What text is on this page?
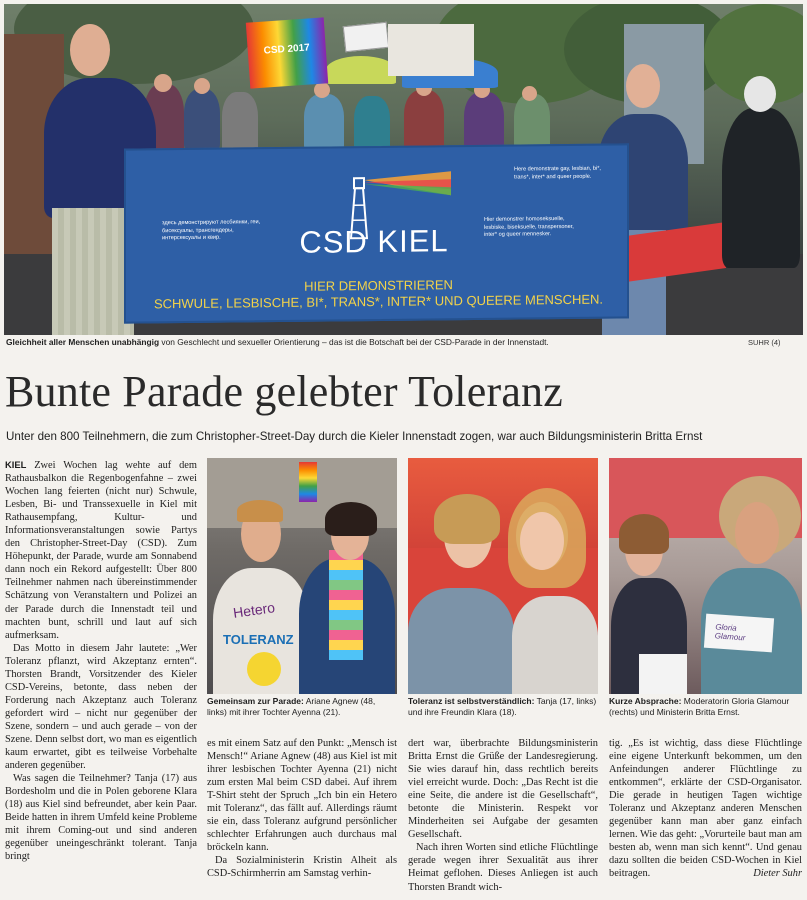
CSD 2017
CSD KIEL
HIER DEMONSTRIEREN
SCHWULE, LESBISCHE, BI*, TRANS*, INTER* UND QUEERE MENSCHEN.
здесь демонстрируют лесбиянки, геи, бисексуалы, трансгендеры, интерсексуалы и квир.
Here demonstrate gay, lesbian, bi*, trans*, inter* and queer people.
Hier demonstrer homoseksuelle, lesbiske, biseksuelle, transpersoner, inter* og queer mennesker.
Gleichheit aller Menschen unabhängig von Geschlecht und sexueller Orientierung – das ist die Botschaft bei der CSD-Parade in der Innenstadt.	SUHR (4)
Bunte Parade gelebter Toleranz
Unter den 800 Teilnehmern, die zum Christopher-Street-Day durch die Kieler Innenstadt zogen, war auch Bildungsministerin Britta Ernst

KIEL Zwei Wochen lag wehte auf dem Rathausbalkon die Regenbogenfahne – zwei Wochen lang feierten (nicht nur) Schwule, Lesben, Bi- und Transsexuelle in Kiel mit Rathausempfang, Kultur- und Informationsveranstaltungen sowie Partys den Christopher-Street-Day (CSD). Zum Höhepunkt, der Parade, wurde am Sonnabend dann noch ein Rekord aufgestellt: Über 800 Teilnehmer nahmen nach übereinstimmender Schätzung von Veranstaltern und Polizei an der Parade durch die Innenstadt teil und machten bunt, schrill und laut auf sich aufmerksam.

Das Motto in diesem Jahr lautete: „Wer Toleranz pflanzt, wird Akzeptanz ernten“. Thorsten Brandt, Vorsitzender des Kieler CSD-Vereins, betonte, dass neben der Forderung nach Akzeptanz auch Toleranz gefordert wird – nicht nur gegenüber der Szene, sondern – und auch gerade – von der Szene. Denn selbst dort, wo man es eigentlich kaum erwartet, gibt es teilweise Vorbehalte anderen gegenüber.

Was sagen die Teilnehmer? Tanja (17) aus Bordesholm und die in Polen geborene Klara (18) aus Kiel sind befreundet, aber kein Paar. Beide hatten in ihrem Umfeld keine Probleme mit ihrem Coming-out und sind anderen gegenüber uneingeschränkt tolerant. Tanja bringt

Hetero
TOLERANZ
Gemeinsam zur Parade: Ariane Agnew (48, links) mit ihrer Tochter Ayenna (21).
Toleranz ist selbstverständlich: Tanja (17, links) und ihre Freundin Klara (18).
Gloria Glamour
Kurze Absprache: Moderatorin Gloria Glamour (rechts) und Ministerin Britta Ernst.

es mit einem Satz auf den Punkt: „Mensch ist Mensch!“ Ariane Agnew (48) aus Kiel ist mit ihrer lesbischen Tochter Ayenna (21) nicht zum ersten Mal beim CSD dabei. Auf ihrem T-Shirt steht der Spruch „Ich bin ein Hetero mit Toleranz“, das fällt auf. Allerdings räumt sie ein, dass Toleranz aufgrund persönlicher schlechter Erfahrungen auch durchaus mal bröckeln kann.

Da Sozialministerin Kristin Alheit als CSD-Schirmherrin am Samstag verhin-

dert war, überbrachte Bildungsministerin Britta Ernst die Grüße der Landesregierung. Sie wies darauf hin, dass rechtlich bereits viel erreicht wurde. Doch: „Das Recht ist die eine Seite, die andere ist die Gesellschaft“, betonte die Ministerin. Respekt vor Minderheiten sei Aufgabe der gesamten Gesellschaft.

Nach ihren Worten sind etliche Flüchtlinge gerade wegen ihrer Sexualität aus ihrer Heimat geflohen. Dieses Anliegen ist auch Thorsten Brandt wich-

tig. „Es ist wichtig, dass diese Flüchtlinge eine eigene Unterkunft bekommen, um den Anfeindungen anderer Flüchtlinge zu entkommen“, erklärte der CSD-Organisator. Die gerade in heutigen Tagen wichtige Toleranz und Akzeptanz anderen Menschen gegenüber kann man aber ganz einfach lernen. Wie das geht: „Vorurteile baut man am besten ab, wenn man sich kennt“. Und genau dazu sollten die beiden CSD-Wochen in Kiel beitragen.	Dieter Suhr
